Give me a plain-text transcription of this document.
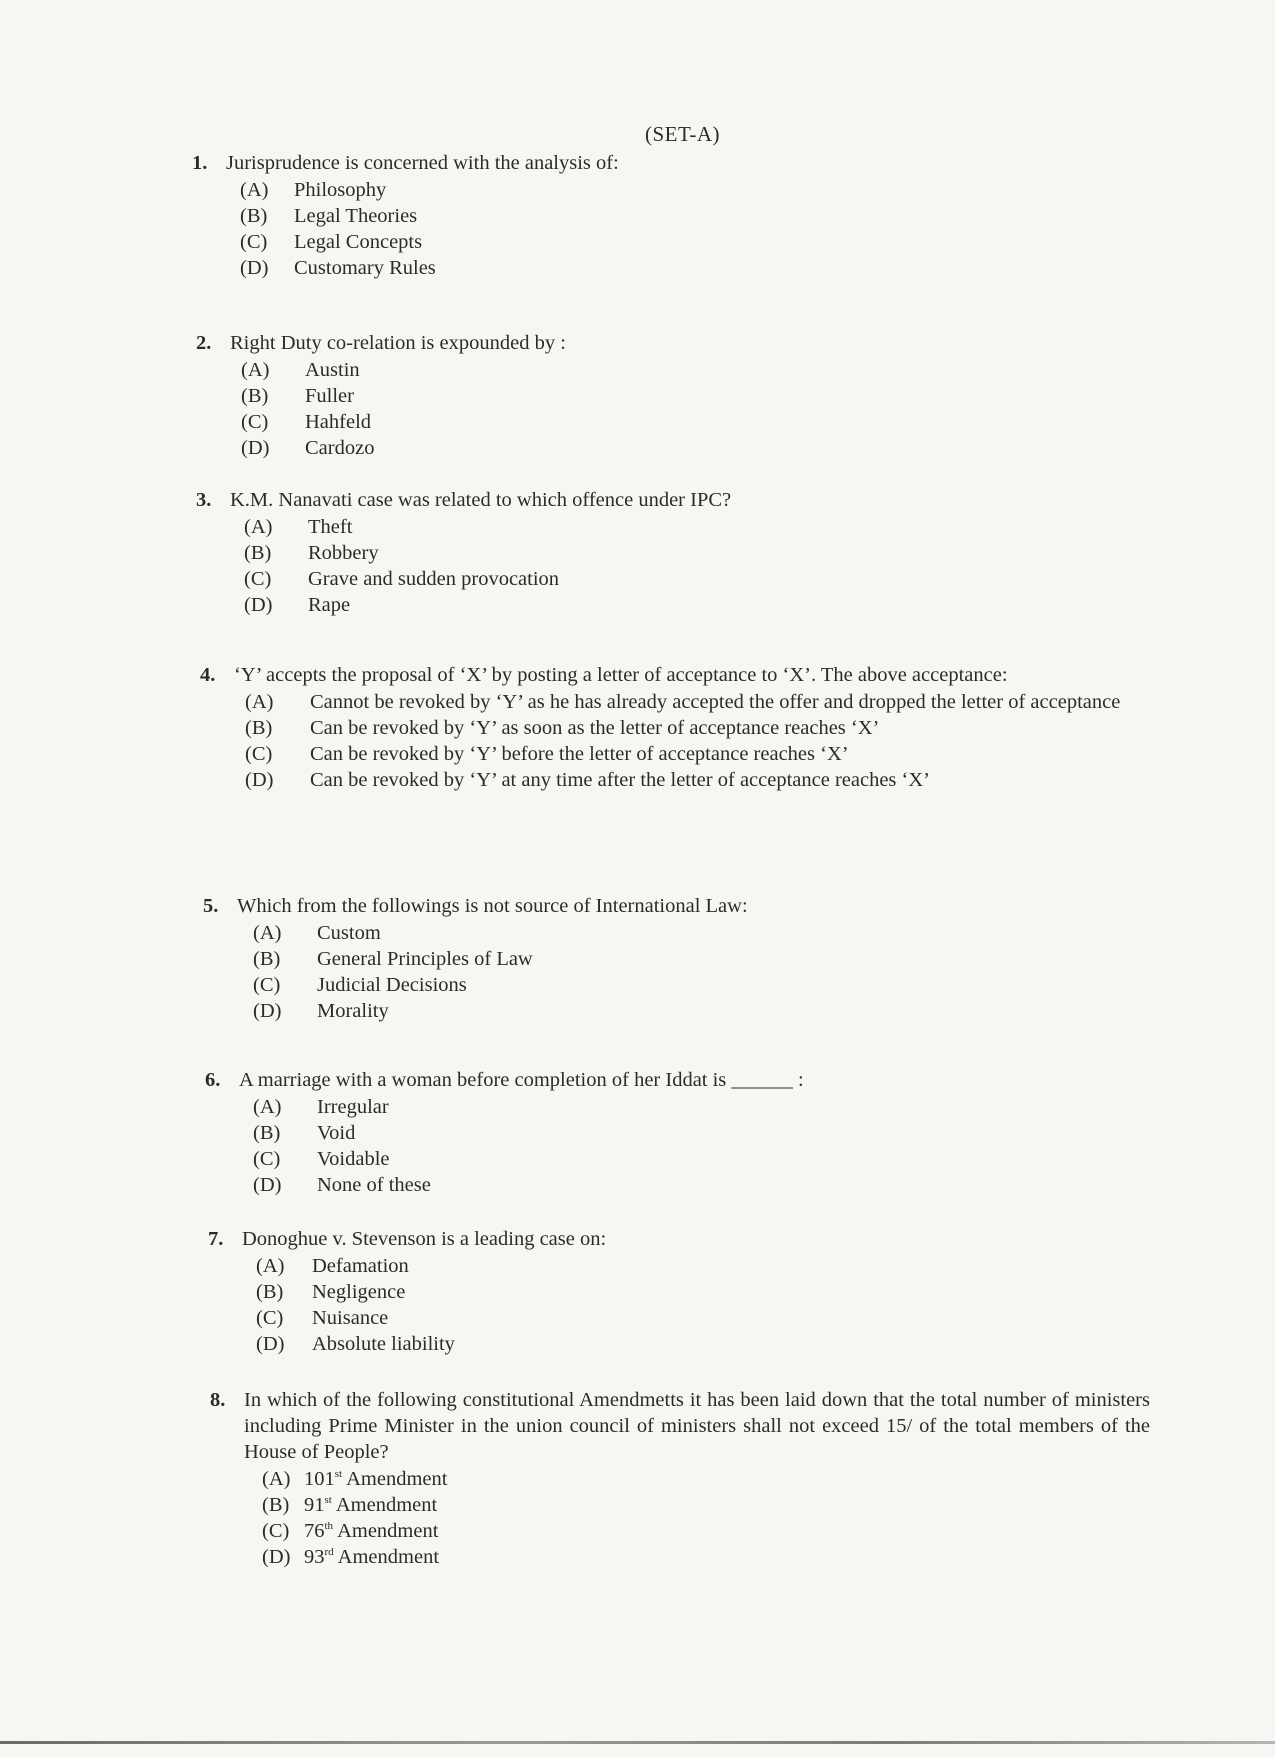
(SET-A)
1. Jurisprudence is concerned with the analysis of:
(A)	Philosophy
(B)	Legal Theories
(C)	Legal Concepts
(D)	Customary Rules
2. Right Duty co-relation is expounded by :
(A)	Austin
(B)	Fuller
(C)	Hahfeld
(D)	Cardozo
3. K.M. Nanavati case was related to which offence under IPC?
(A)	Theft
(B)	Robbery
(C)	Grave and sudden provocation
(D)	Rape
4. ‘Y’ accepts the proposal of ‘X’ by posting a letter of acceptance to ‘X’. The above acceptance:
(A)	Cannot be revoked by ‘Y’ as he has already accepted the offer and dropped the letter of acceptance
(B)	Can be revoked by ‘Y’ as soon as the letter of acceptance reaches ‘X’
(C)	Can be revoked by ‘Y’ before the letter of acceptance reaches ‘X’
(D)	Can be revoked by ‘Y’ at any time after the letter of acceptance reaches ‘X’
5. Which from the followings is not source of International Law:
(A)	Custom
(B)	General Principles of Law
(C)	Judicial Decisions
(D)	Morality
6. A marriage with a woman before completion of her Iddat is ______ :
(A)	Irregular
(B)	Void
(C)	Voidable
(D)	None of these
7. Donoghue v. Stevenson is a leading case on:
(A)	Defamation
(B)	Negligence
(C)	Nuisance
(D)	Absolute liability
8. In which of the following constitutional Amendmetts it has been laid down that the total number of ministers including Prime Minister in the union council of ministers shall not exceed 15/ of the total members of the House of People?
(A) 101st Amendment
(B) 91st Amendment
(C) 76th Amendment
(D) 93rd Amendment
